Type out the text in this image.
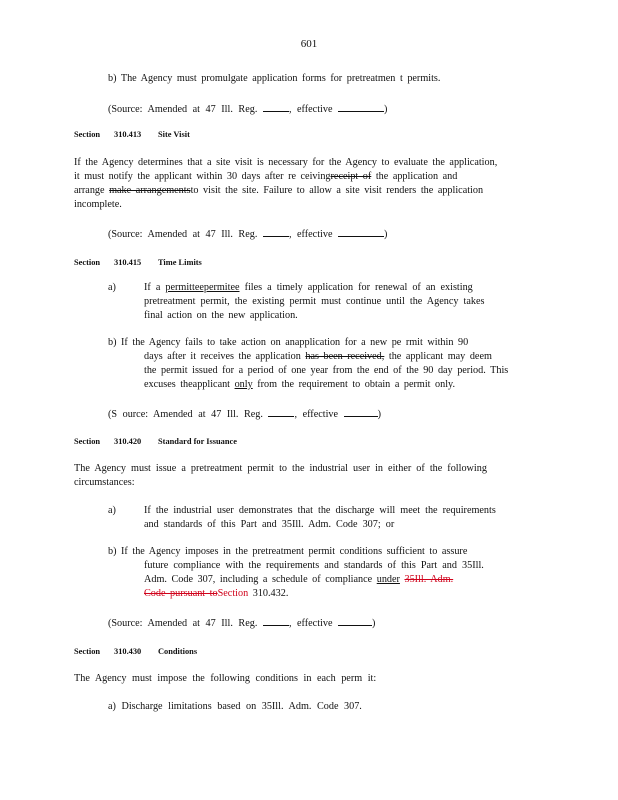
601
b) The Agency must promulgate application forms for pretreatmen t permits.
(Source: Amended at 47 Ill. Reg.	, effective	)
Section 310.413 Site Visit
If the Agency determines that a site visit is necessary for the Agency to evaluate the application,
it must notify the applicant within 30 days after re ceivingreceipt of the application and
arrange make arrangementsto visit the site. Failure to allow a site visit renders the application
incomplete.
(Source: Amended at 47 Ill. Reg.	, effective	)
Section 310.415 Time Limits
a)	If a permitteepermitee files a timely application for renewal of an existing
pretreatment permit, the existing permit must continue until the Agency takes
final action on the new application.
b) If the Agency fails to take action on anapplication for a new pe rmit within 90
days after it receives the application has been received, the applicant may deem
the permit issued for a period of one year from the end of the 90 day period. This
excuses theapplicant only from the requirement to obtain a permit only.
(S ource: Amended at 47 Ill. Reg.	, effective	)
Section 310.420 Standard for Issuance
The Agency must issue a pretreatment permit to the industrial user in either of the following
circumstances:
a)	If the industrial user demonstrates that the discharge will meet the requirements
and standards of this Part and 35Ill. Adm. Code 307; or
b) If the Agency imposes in the pretreatment permit conditions sufficient to assure
future compliance with the requirements and standards of this Part and 35Ill.
Adm. Code 307, including a schedule of compliance under 35Ill. Adm.
Code pursuant toSection 310.432.
(Source: Amended at 47 Ill. Reg.	, effective	)
Section 310.430 Conditions
The Agency must impose the following conditions in each perm it:
a) Discharge limitations based on 35Ill. Adm. Code 307.
